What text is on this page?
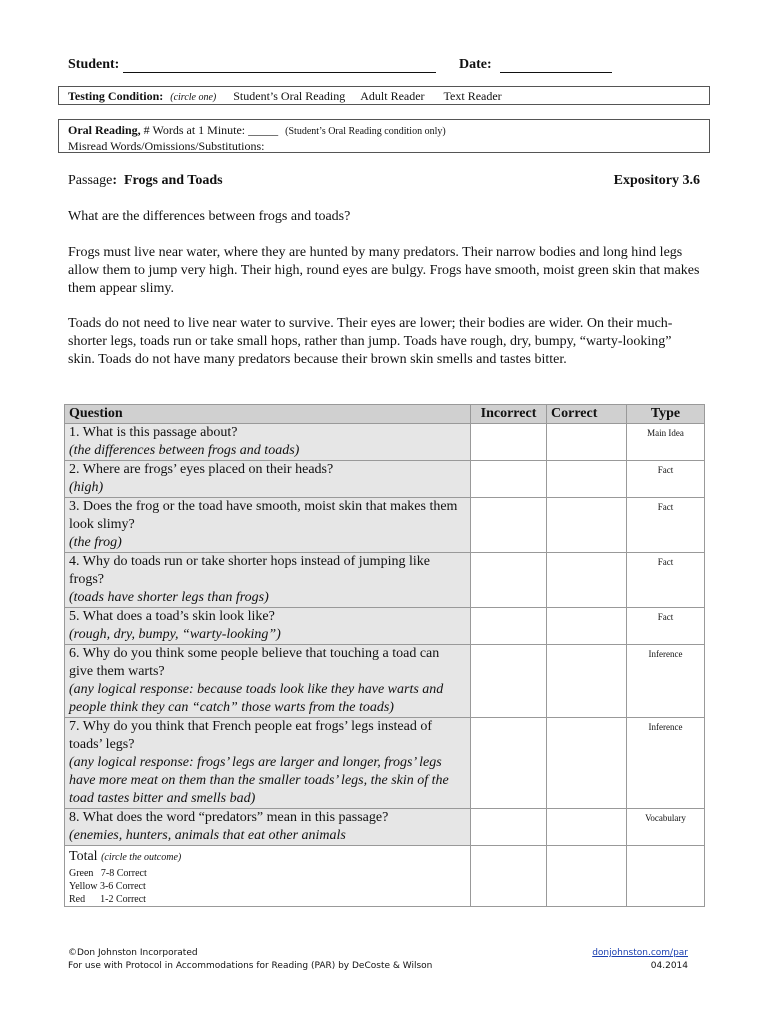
Student:	Date:
Testing Condition: (circle one) Student’s Oral Reading Adult Reader Text Reader
Oral Reading, # Words at 1 Minute: _____ (Student’s Oral Reading condition only)
Misread Words/Omissions/Substitutions:
Passage:  Frogs and Toads	Expository 3.6
What are the differences between frogs and toads?
Frogs must live near water, where they are hunted by many predators. Their narrow bodies and long hind legs allow them to jump very high. Their high, round eyes are bulgy. Frogs have smooth, moist green skin that makes them appear slimy.
Toads do not need to live near water to survive. Their eyes are lower; their bodies are wider. On their much-shorter legs, toads run or take small hops, rather than jump. Toads have rough, dry, bumpy, “warty-looking” skin. Toads do not have many predators because their brown skin smells and tastes bitter.
Question	Incorrect	Correct	Type

1. What is this passage about?
(the differences between frogs and toads)			Main Idea

2. Where are frogs’ eyes placed on their heads?
(high)			Fact

3. Does the frog or the toad have smooth, moist skin that makes them look slimy?
(the frog)			Fact

4. Why do toads run or take shorter hops instead of jumping like frogs?
(toads have shorter legs than frogs)			Fact

5. What does a toad’s skin look like?
(rough, dry, bumpy, “warty-looking”)			Fact

6. Why do you think some people believe that touching a toad can give them warts?
(any logical response: because toads look like they have warts and people think they can “catch” those warts from the toads)			Inference

7. Why do you think that French people eat frogs’ legs instead of toads’ legs?
(any logical response: frogs’ legs are larger and longer, frogs’ legs have more meat on them than the smaller toads’ legs, the skin of the toad tastes bitter and smells bad)			Inference

8. What does the word “predators” mean in this passage?
(enemies, hunters, animals that eat other animals			Vocabulary

Total (circle the outcome)
Green   7-8 Correct
Yellow 3-6 Correct
Red      1-2 Correct			

©Don Johnston Incorporated
For use with Protocol in Accommodations for Reading (PAR) by DeCoste & Wilson
donjohnston.com/par
04.2014
